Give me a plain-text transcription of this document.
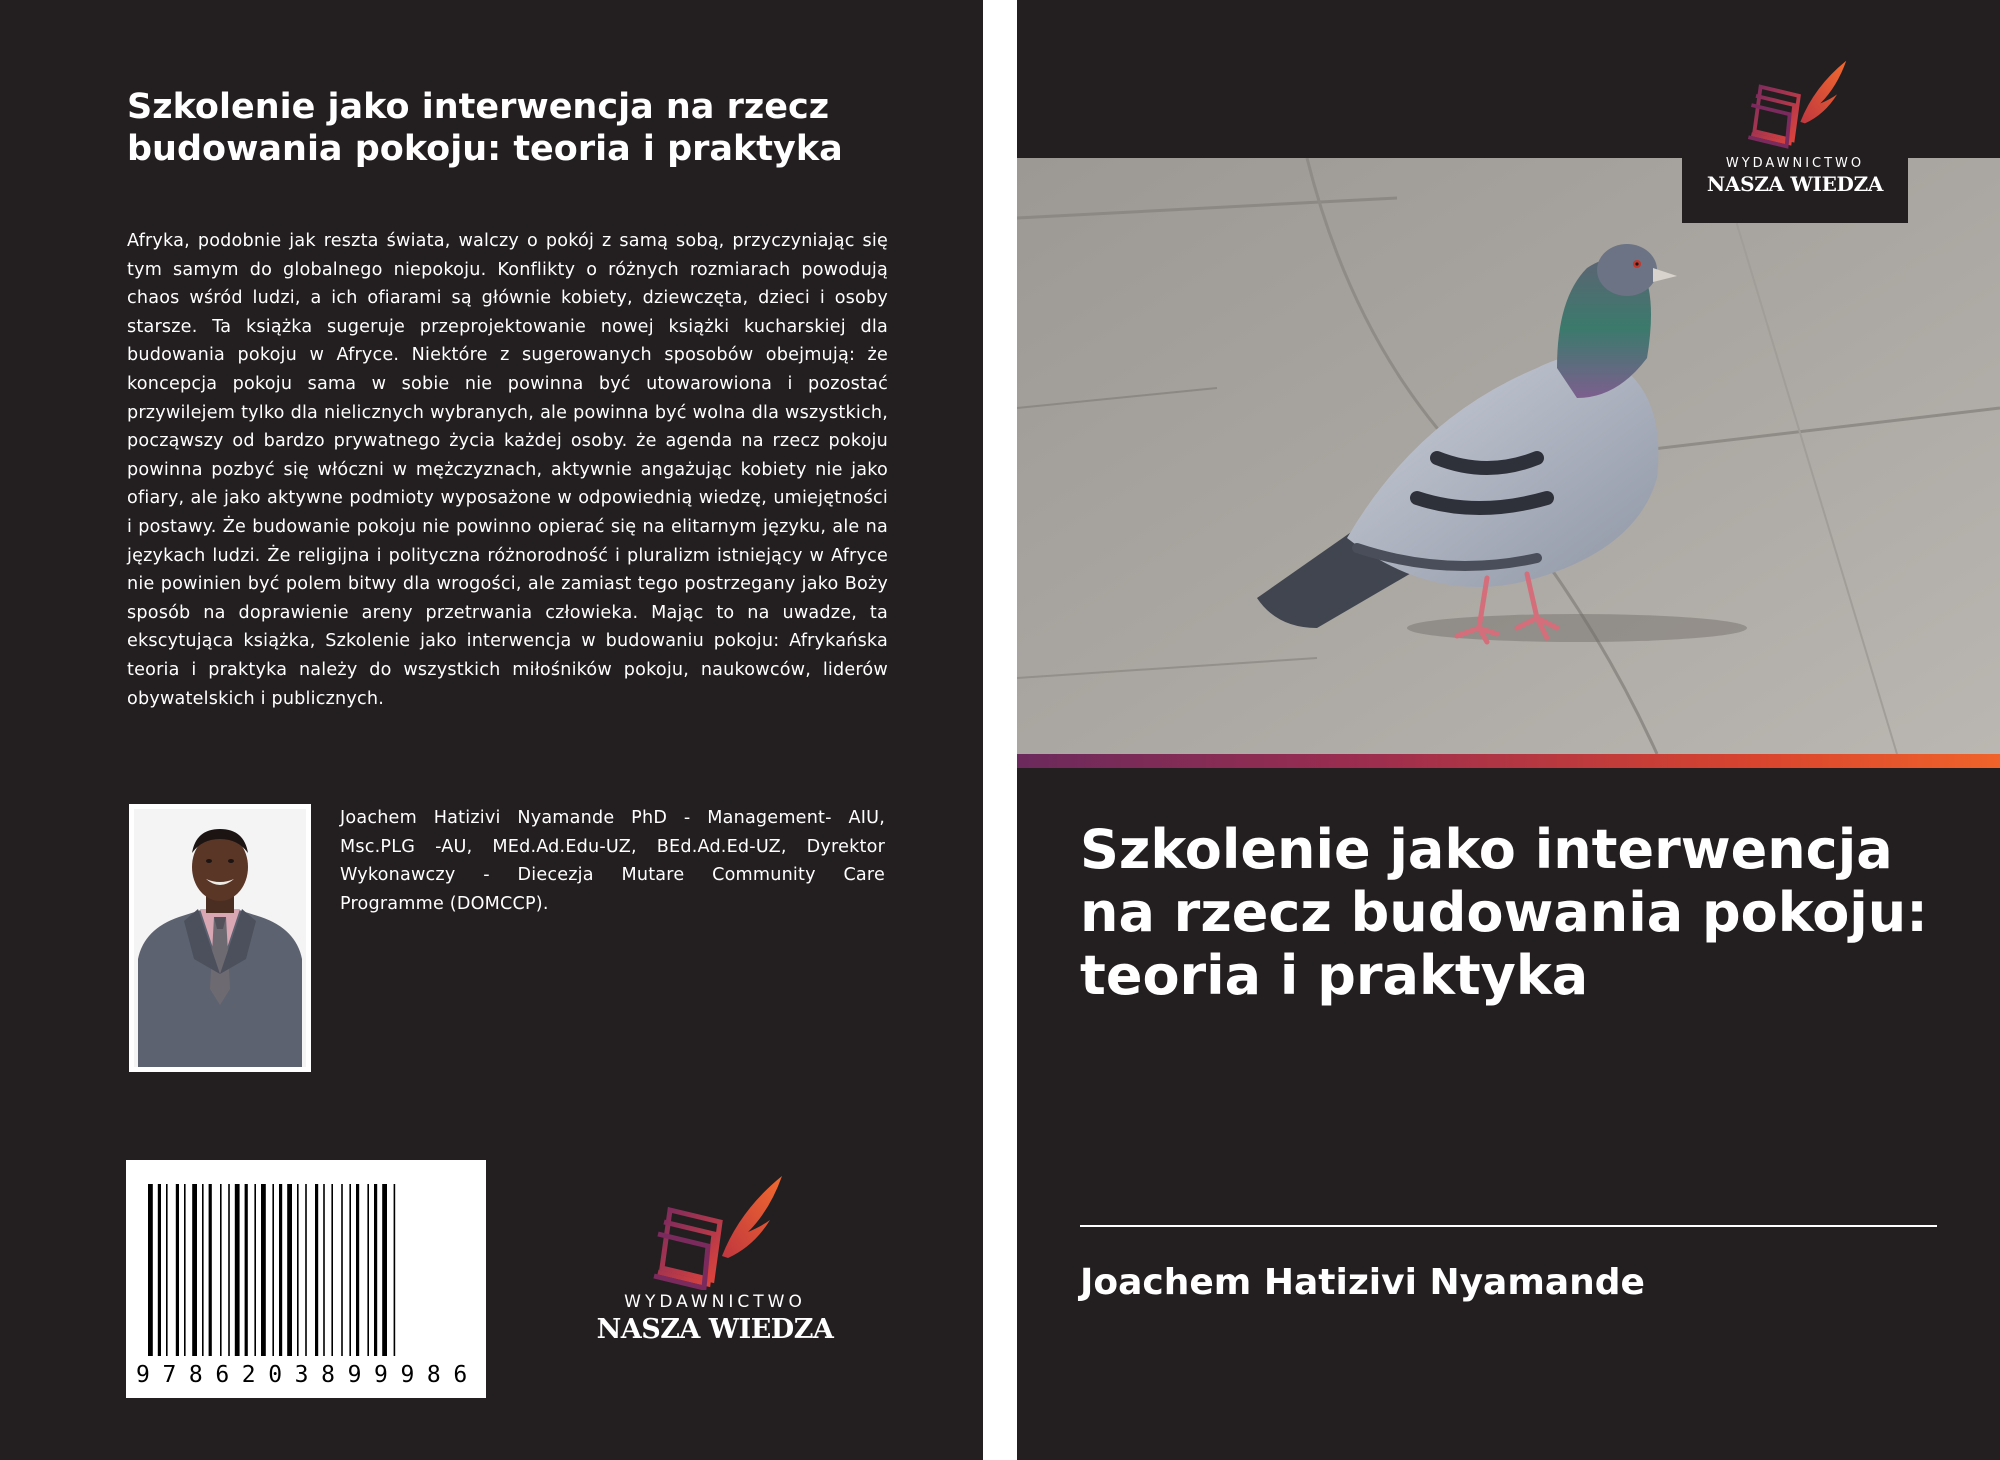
Szkolenie jako interwencja na rzecz budowania pokoju: teoria i praktyka

Afryka, podobnie jak reszta świata, walczy o pokój z samą sobą, przyczyniając się tym samym do globalnego niepokoju. Konflikty o różnych rozmiarach powodują chaos wśród ludzi, a ich ofiarami są głównie kobiety, dziewczęta, dzieci i osoby starsze. Ta książka sugeruje przeprojektowanie nowej książki kucharskiej dla budowania pokoju w Afryce. Niektóre z sugerowanych sposobów obejmują: że koncepcja pokoju sama w sobie nie powinna być utowarowiona i pozostać przywilejem tylko dla nielicznych wybranych, ale powinna być wolna dla wszystkich, począwszy od bardzo prywatnego życia każdej osoby. że agenda na rzecz pokoju powinna pozbyć się włóczni w mężczyznach, aktywnie angażując kobiety nie jako ofiary, ale jako aktywne podmioty wyposażone w odpowiednią wiedzę, umiejętności i postawy. Że budowanie pokoju nie powinno opierać się na elitarnym języku, ale na językach ludzi. Że religijna i polityczna różnorodność i pluralizm istniejący w Afryce nie powinien być polem bitwy dla wrogości, ale zamiast tego postrzegany jako Boży sposób na doprawienie areny przetrwania człowieka. Mając to na uwadze, ta ekscytująca książka, Szkolenie jako interwencja w budowaniu pokoju: Afrykańska teoria i praktyka należy do wszystkich miłośników pokoju, naukowców, liderów obywatelskich i publicznych.

Joachem Hatizivi Nyamande PhD - Management- AIU, Msc.PLG -AU, MEd.Ad.Edu-UZ, BEd.Ad.Ed-UZ, Dyrektor Wykonawczy - Diecezja Mutare Community Care Programme (DOMCCP).

9786203899986
WYDAWNICTWO
NASZA WIEDZA
WYDAWNICTWO
NASZA WIEDZA
Szkolenie jako interwencja na rzecz budowania pokoju: teoria i praktyka

Joachem Hatizivi Nyamande
